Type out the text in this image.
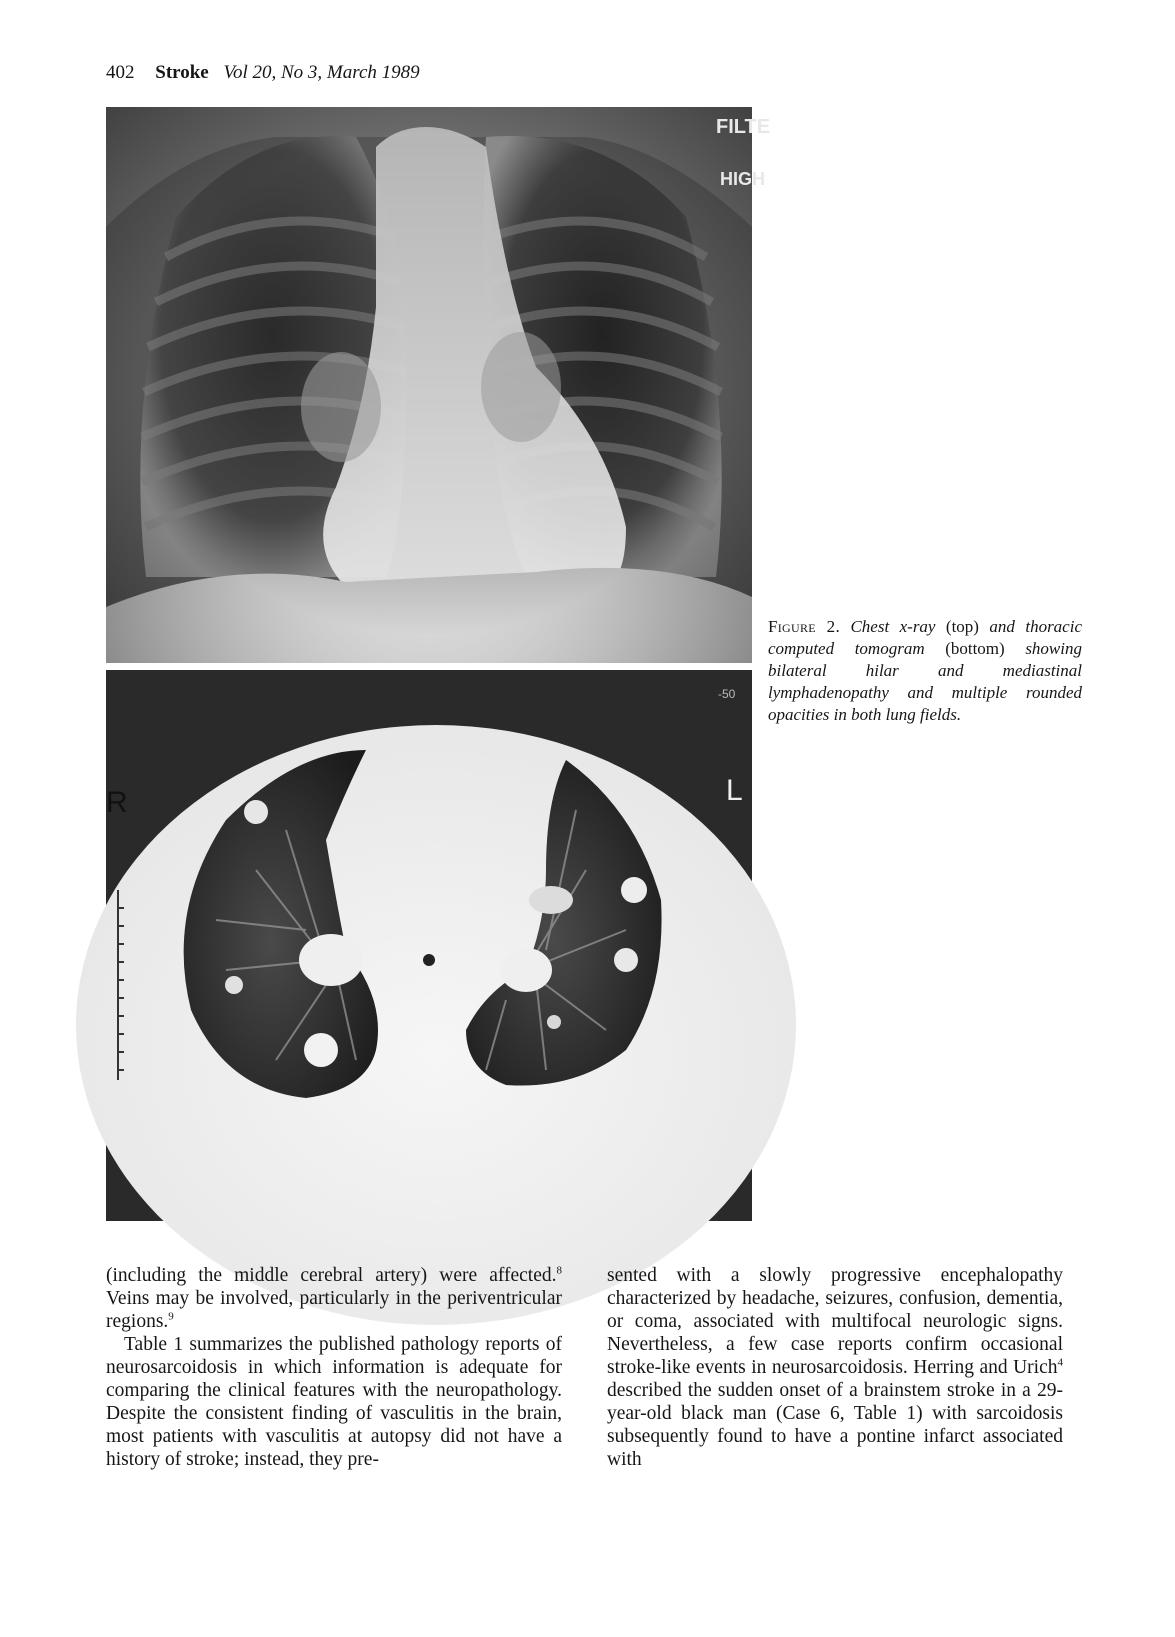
402 Stroke Vol 20, No 3, March 1989
FILTE
HIGH
R	L
-50
Figure 2. Chest x-ray (top) and thoracic computed tomogram (bottom) showing bilateral hilar and mediastinal lymphadenopathy and multiple rounded opacities in both lung fields.

(including the middle cerebral artery) were affected.$^8$ Veins may be involved, particularly in the periventricular regions.$^9$

Table 1 summarizes the published pathology reports of neurosarcoidosis in which information is adequate for comparing the clinical features with the neuropathology. Despite the consistent finding of vasculitis in the brain, most patients with vasculitis at autopsy did not have a history of stroke; instead, they pre-

sented with a slowly progressive encephalopathy characterized by headache, seizures, confusion, dementia, or coma, associated with multifocal neurologic signs. Nevertheless, a few case reports confirm occasional stroke-like events in neurosarcoidosis. Herring and Urich$^4$ described the sudden onset of a brainstem stroke in a 29-year-old black man (Case 6, Table 1) with sarcoidosis subsequently found to have a pontine infarct associated with
